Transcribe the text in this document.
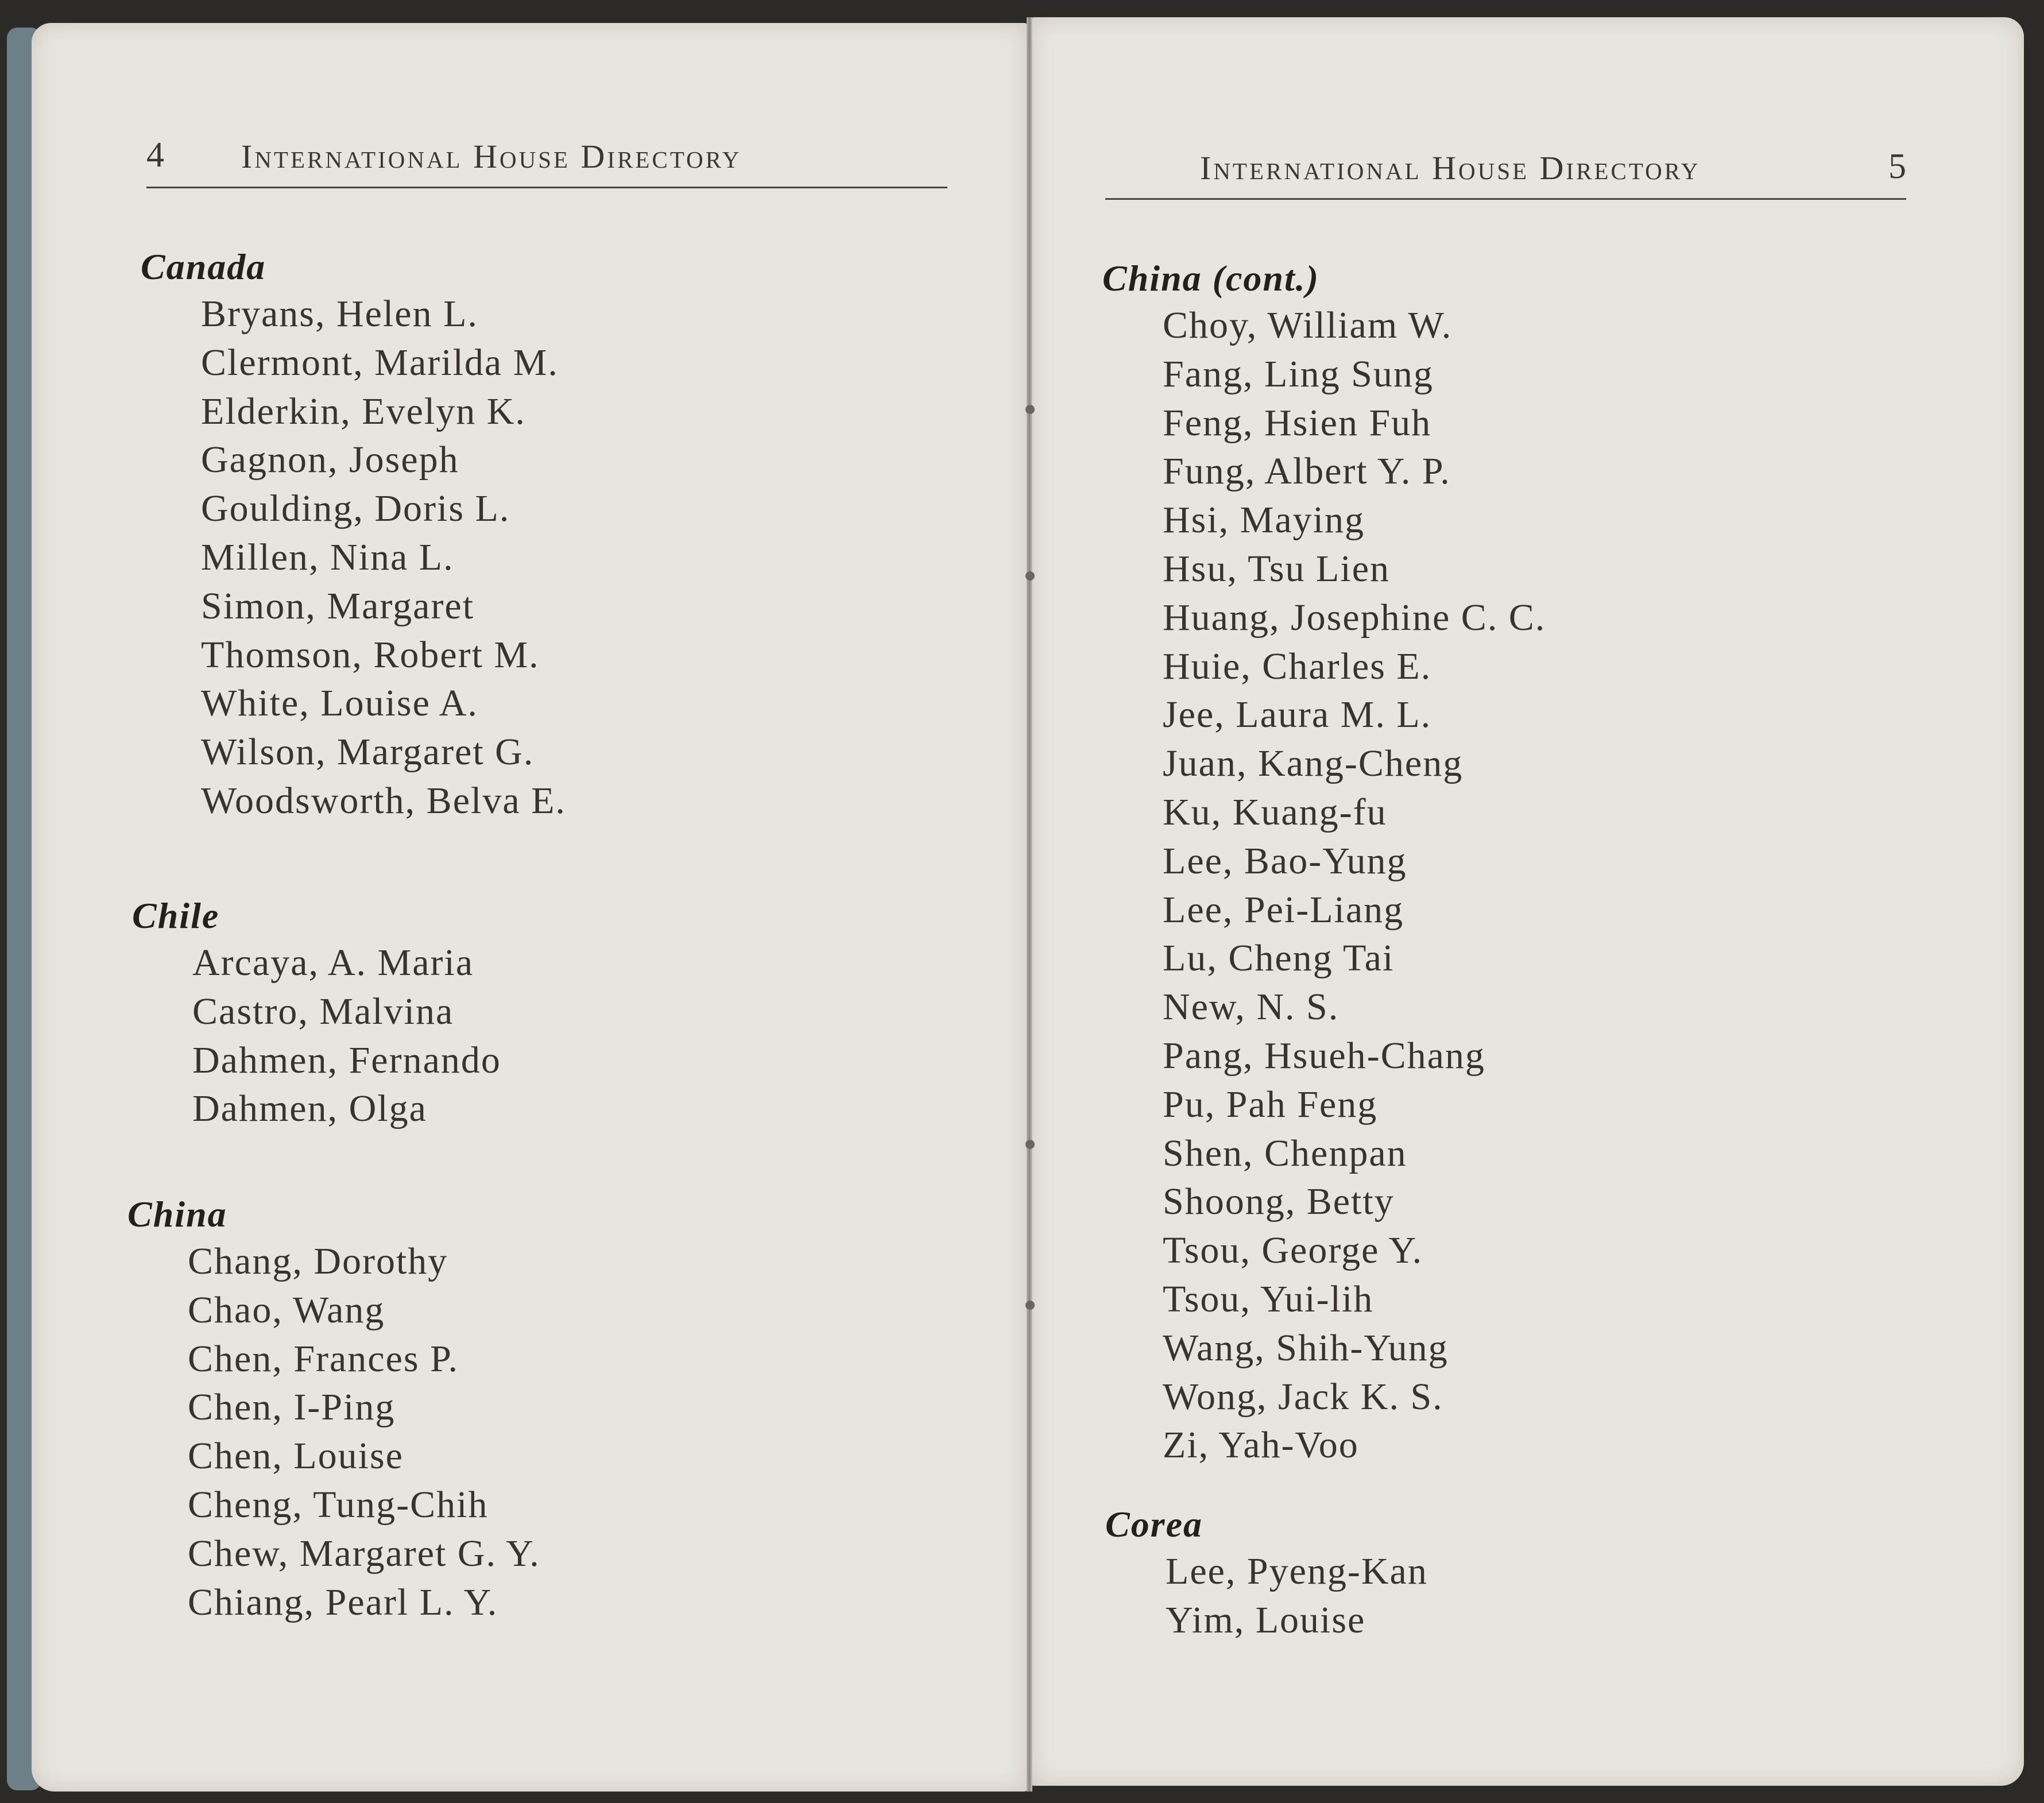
4 International House Directory	International House Directory	5
Canada
Bryans, Helen L.
Clermont, Marilda M.
Elderkin, Evelyn K.
Gagnon, Joseph
Goulding, Doris L.
Millen, Nina L.
Simon, Margaret
Thomson, Robert M.
White, Louise A.
Wilson, Margaret G.
Woodsworth, Belva E.
Chile
Arcaya, A. Maria
Castro, Malvina
Dahmen, Fernando
Dahmen, Olga
China
Chang, Dorothy
Chao, Wang
Chen, Frances P.
Chen, I-Ping
Chen, Louise
Cheng, Tung-Chih
Chew, Margaret G. Y.
Chiang, Pearl L. Y.
China (cont.)
Choy, William W.
Fang, Ling Sung
Feng, Hsien Fuh
Fung, Albert Y. P.
Hsi, Maying
Hsu, Tsu Lien
Huang, Josephine C. C.
Huie, Charles E.
Jee, Laura M. L.
Juan, Kang-Cheng
Ku, Kuang-fu
Lee, Bao-Yung
Lee, Pei-Liang
Lu, Cheng Tai
New, N. S.
Pang, Hsueh-Chang
Pu, Pah Feng
Shen, Chenpan
Shoong, Betty
Tsou, George Y.
Tsou, Yui-lih
Wang, Shih-Yung
Wong, Jack K. S.
Zi, Yah-Voo
Corea
Lee, Pyeng-Kan
Yim, Louise
